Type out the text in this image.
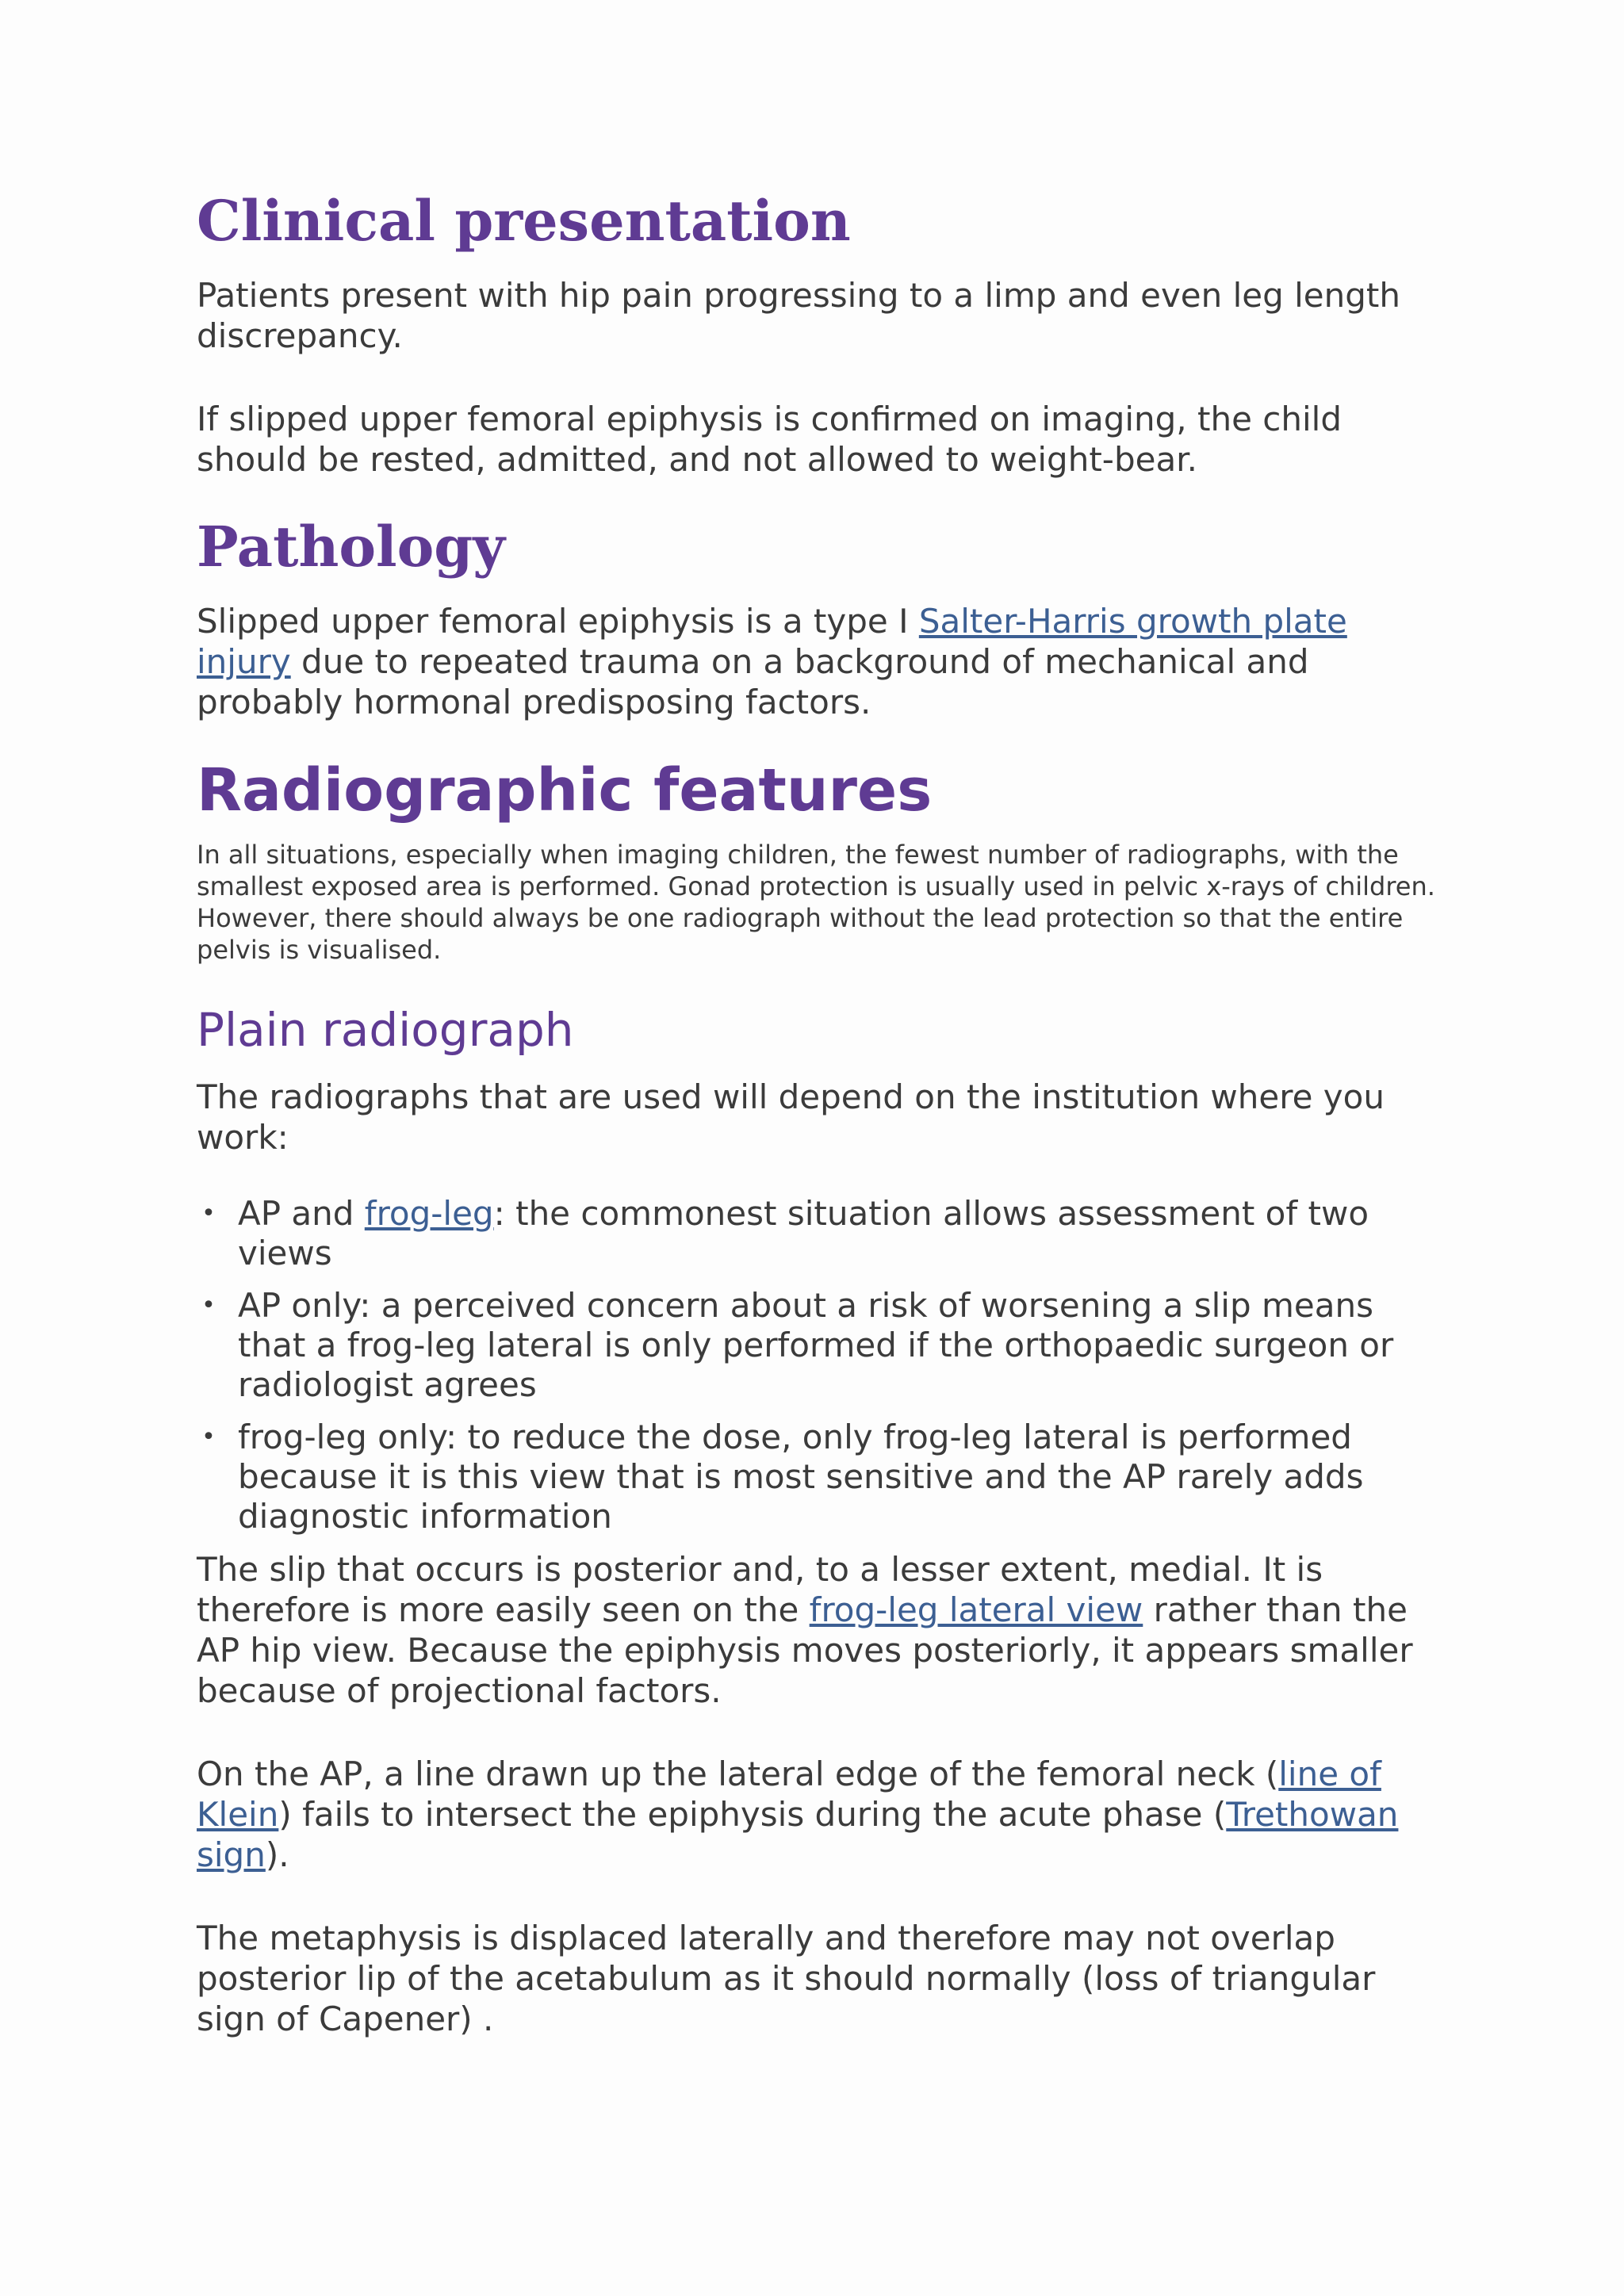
Clinical presentation

Patients present with hip pain progressing to a limp and even leg length discrepancy.

If slipped upper femoral epiphysis is confirmed on imaging, the child should be rested, admitted, and not allowed to weight-bear.

Pathology

Slipped upper femoral epiphysis is a type I Salter-Harris growth plate injury due to repeated trauma on a background of mechanical and probably hormonal predisposing factors.

Radiographic features

In all situations, especially when imaging children, the fewest number of radiographs, with the smallest exposed area is performed. Gonad protection is usually used in pelvic x-rays of children. However, there should always be one radiograph without the lead protection so that the entire pelvis is visualised.

Plain radiograph

The radiographs that are used will depend on the institution where you work:

• AP and frog-leg: the commonest situation allows assessment of two views
• AP only: a perceived concern about a risk of worsening a slip means that a frog-leg lateral is only performed if the orthopaedic surgeon or radiologist agrees
• frog-leg only: to reduce the dose, only frog-leg lateral is performed because it is this view that is most sensitive and the AP rarely adds diagnostic information

The slip that occurs is posterior and, to a lesser extent, medial. It is therefore is more easily seen on the frog-leg lateral view rather than the AP hip view. Because the epiphysis moves posteriorly, it appears smaller because of projectional factors.

On the AP, a line drawn up the lateral edge of the femoral neck (line of Klein) fails to intersect the epiphysis during the acute phase (Trethowan sign).

The metaphysis is displaced laterally and therefore may not overlap posterior lip of the acetabulum as it should normally (loss of triangular sign of Capener) .
